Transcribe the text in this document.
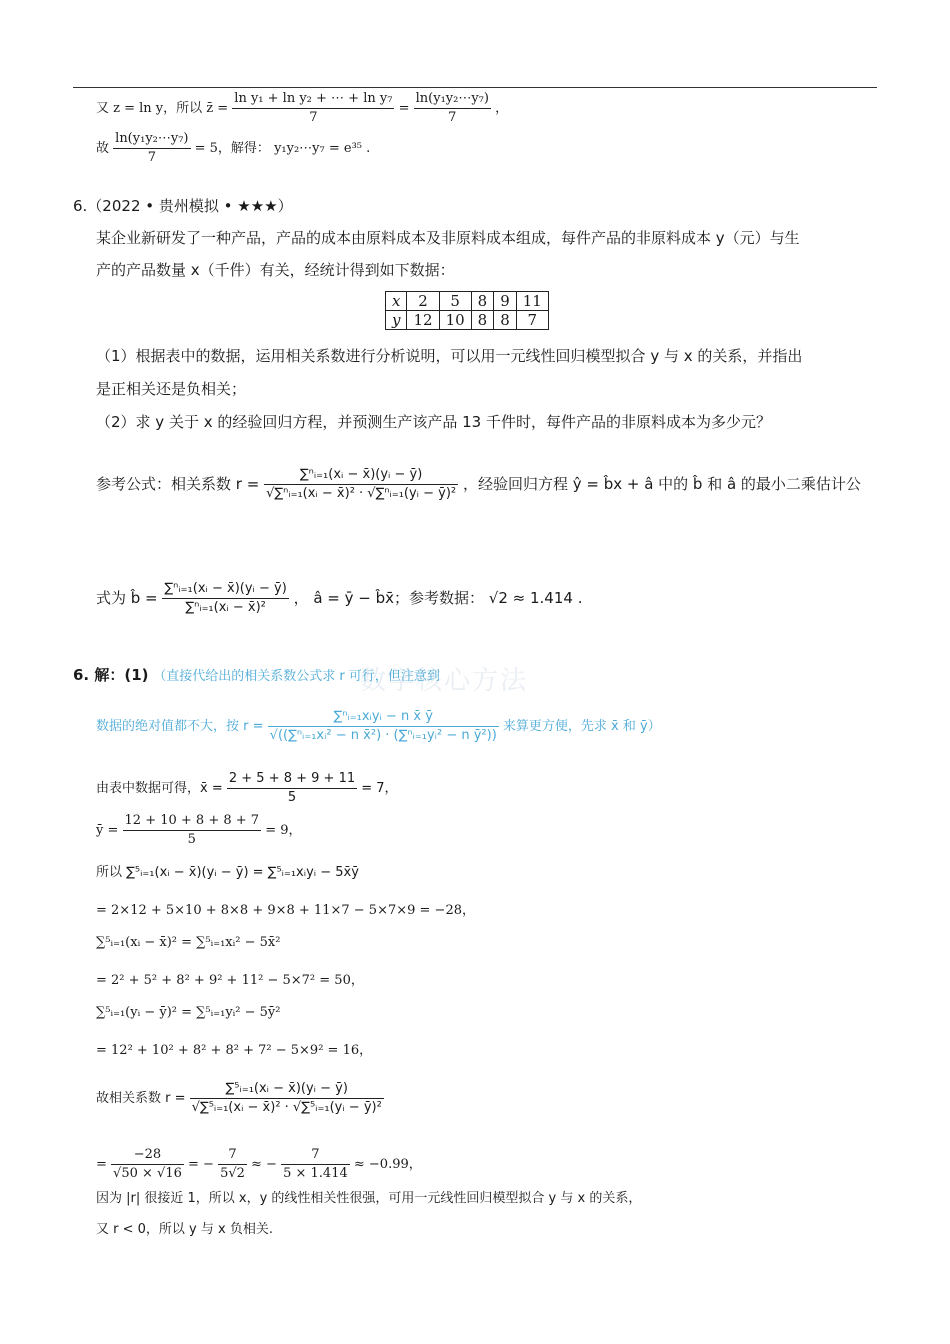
又 z = ln y，所以 z̄ = $\frac{\text{ln y₁ + ln y₂ + ⋯ + ln y₇}}{7} = \frac{\text{ln(y₁y₂⋯y₇)}}{7}$ ，
故 $\frac{\text{ln(y₁y₂⋯y₇)}}{7} = 5$，解得： y₁y₂⋯y₇ = e³⁵ .
6.（2022 • 贵州模拟 • ★★★）
某企业新研发了一种产品，产品的成本由原料成本及非原料成本组成，每件产品的非原料成本 y（元）与生
产的产品数量 x（千件）有关，经统计得到如下数据：
x	2	5	8	9	11
y	12	10	8	8	7
（1）根据表中的数据，运用相关系数进行分析说明，可以用一元线性回归模型拟合 y 与 x 的关系，并指出
是正相关还是负相关；
（2）求 y 关于 x 的经验回归方程，并预测生产该产品 13 千件时，每件产品的非原料成本为多少元？
参考公式：相关系数 $r = \frac{\text{∑ⁿᵢ₌₁(xᵢ − x̄)(yᵢ − ȳ)}}{\text{√∑ⁿᵢ₌₁(xᵢ − x̄)² · √∑ⁿᵢ₌₁(yᵢ − ȳ)²}}$ ，经验回归方程 ŷ = b̂x + â 中的 b̂ 和 â 的最小二乘估计公
式为 b̂ = $\frac{\text{∑ⁿᵢ₌₁(xᵢ − x̄)(yᵢ − ȳ)}}{\text{∑ⁿᵢ₌₁(xᵢ − x̄)²}}$ ， â = ȳ − b̂x̄；参考数据： √2 ≈ 1.414 .
数学核心方法
6. 解：(1) （直接代给出的相关系数公式求 r 可行，但注意到
数据的绝对值都不大，按 $r = \frac{\text{∑ⁿᵢ₌₁xᵢyᵢ − n x̄ ȳ}}{\text{√((∑ⁿᵢ₌₁xᵢ² − n x̄²) · (∑ⁿᵢ₌₁yᵢ² − n ȳ²))}}$ 来算更方便，先求 x̄ 和 ȳ）
由表中数据可得，x̄ = $\frac{2 + 5 + 8 + 9 + 11}{5} = 7$，
ȳ = $\frac{12 + 10 + 8 + 8 + 7}{5} = 9$，
所以 ∑⁵ᵢ₌₁(xᵢ − x̄)(yᵢ − ȳ) = ∑⁵ᵢ₌₁xᵢyᵢ − 5x̄ȳ
= 2×12 + 5×10 + 8×8 + 9×8 + 11×7 − 5×7×9 = −28，
∑⁵ᵢ₌₁(xᵢ − x̄)² = ∑⁵ᵢ₌₁xᵢ² − 5x̄²
= 2² + 5² + 8² + 9² + 11² − 5×7² = 50，
∑⁵ᵢ₌₁(yᵢ − ȳ)² = ∑⁵ᵢ₌₁yᵢ² − 5ȳ²
= 12² + 10² + 8² + 8² + 7² − 5×9² = 16，
故相关系数 $r = \frac{\text{∑⁵ᵢ₌₁(xᵢ − x̄)(yᵢ − ȳ)}}{\text{√∑⁵ᵢ₌₁(xᵢ − x̄)² · √∑⁵ᵢ₌₁(yᵢ − ȳ)²}}$
= $\frac{-28}{√50 \times √16}$ = − $\frac{7}{5√2}$ ≈ − $\frac{7}{5 \times 1.414} \approx -0.99$，
因为 |r| 很接近 1，所以 x，y 的线性相关性很强，可用一元线性回归模型拟合 y 与 x 的关系，
又 r < 0，所以 y 与 x 负相关.
